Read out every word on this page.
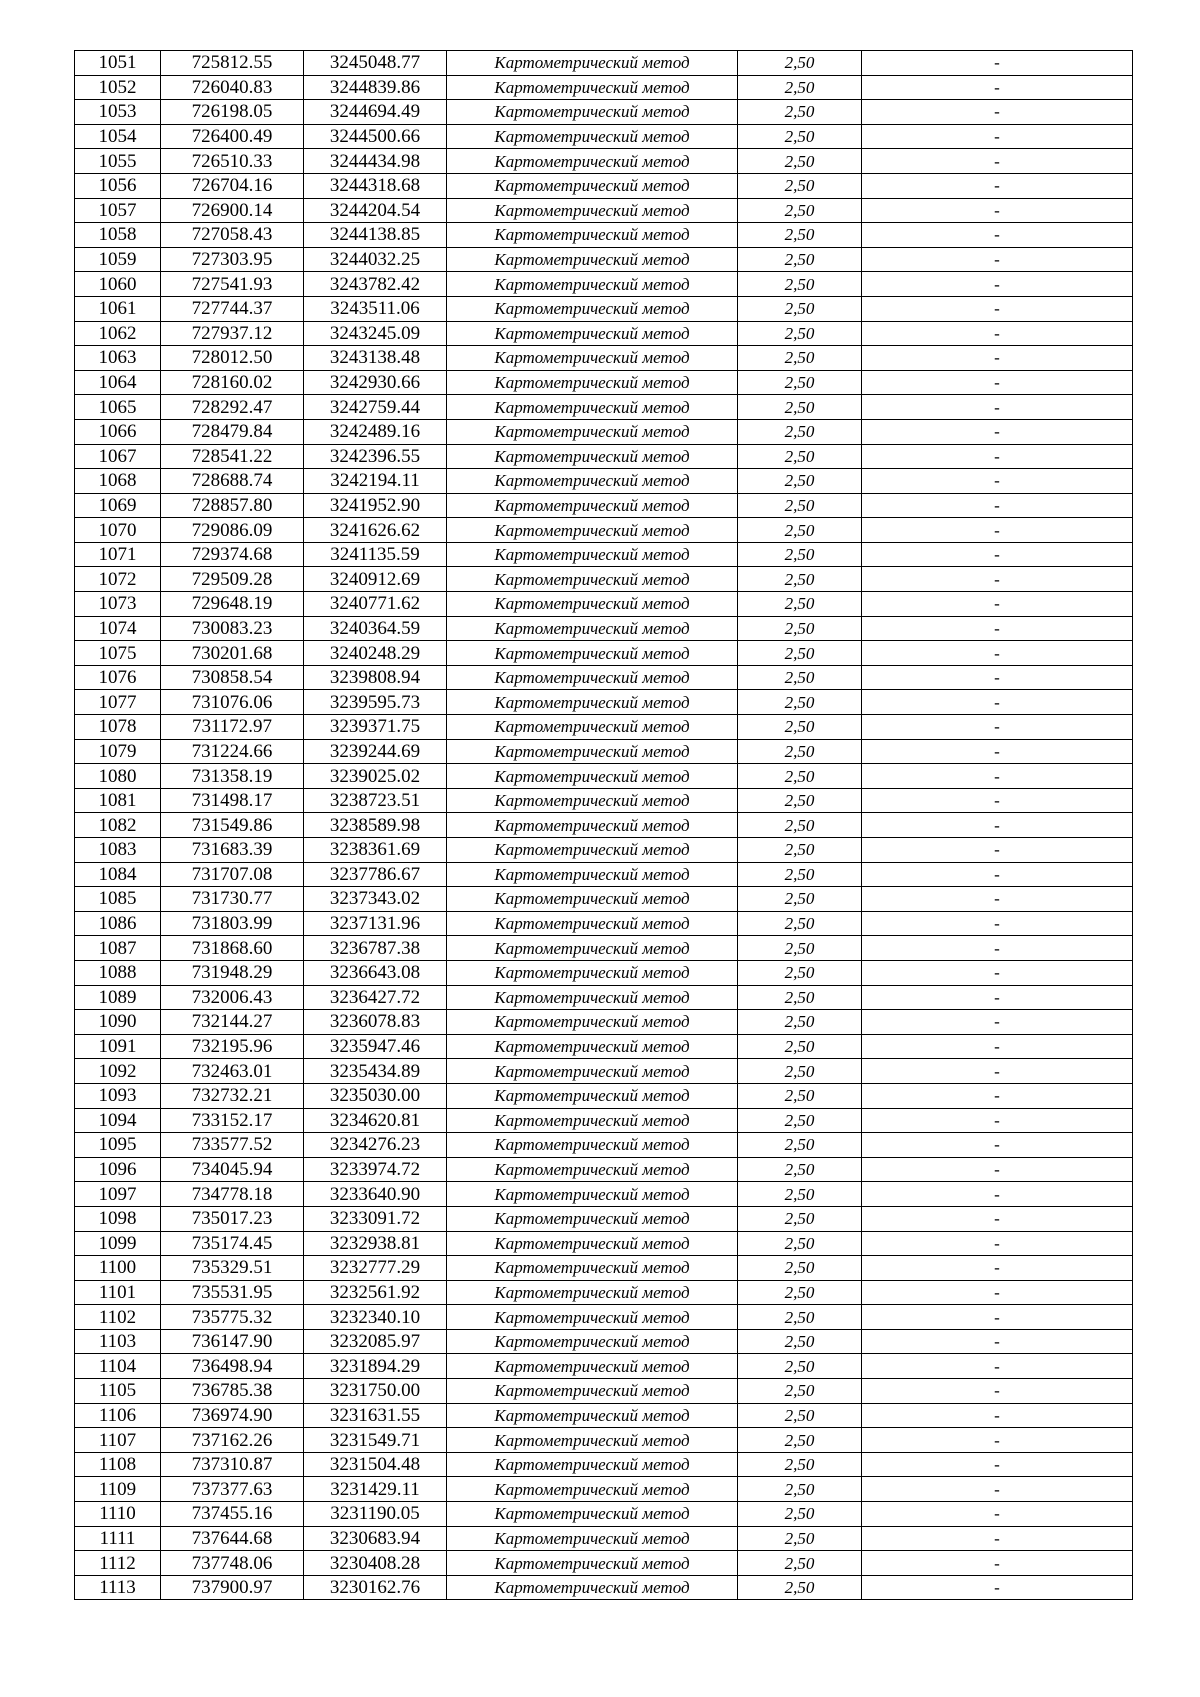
1051	725812.55	3245048.77	Картометрический метод	2,50	-
1052	726040.83	3244839.86	Картометрический метод	2,50	-
1053	726198.05	3244694.49	Картометрический метод	2,50	-
1054	726400.49	3244500.66	Картометрический метод	2,50	-
1055	726510.33	3244434.98	Картометрический метод	2,50	-
1056	726704.16	3244318.68	Картометрический метод	2,50	-
1057	726900.14	3244204.54	Картометрический метод	2,50	-
1058	727058.43	3244138.85	Картометрический метод	2,50	-
1059	727303.95	3244032.25	Картометрический метод	2,50	-
1060	727541.93	3243782.42	Картометрический метод	2,50	-
1061	727744.37	3243511.06	Картометрический метод	2,50	-
1062	727937.12	3243245.09	Картометрический метод	2,50	-
1063	728012.50	3243138.48	Картометрический метод	2,50	-
1064	728160.02	3242930.66	Картометрический метод	2,50	-
1065	728292.47	3242759.44	Картометрический метод	2,50	-
1066	728479.84	3242489.16	Картометрический метод	2,50	-
1067	728541.22	3242396.55	Картометрический метод	2,50	-
1068	728688.74	3242194.11	Картометрический метод	2,50	-
1069	728857.80	3241952.90	Картометрический метод	2,50	-
1070	729086.09	3241626.62	Картометрический метод	2,50	-
1071	729374.68	3241135.59	Картометрический метод	2,50	-
1072	729509.28	3240912.69	Картометрический метод	2,50	-
1073	729648.19	3240771.62	Картометрический метод	2,50	-
1074	730083.23	3240364.59	Картометрический метод	2,50	-
1075	730201.68	3240248.29	Картометрический метод	2,50	-
1076	730858.54	3239808.94	Картометрический метод	2,50	-
1077	731076.06	3239595.73	Картометрический метод	2,50	-
1078	731172.97	3239371.75	Картометрический метод	2,50	-
1079	731224.66	3239244.69	Картометрический метод	2,50	-
1080	731358.19	3239025.02	Картометрический метод	2,50	-
1081	731498.17	3238723.51	Картометрический метод	2,50	-
1082	731549.86	3238589.98	Картометрический метод	2,50	-
1083	731683.39	3238361.69	Картометрический метод	2,50	-
1084	731707.08	3237786.67	Картометрический метод	2,50	-
1085	731730.77	3237343.02	Картометрический метод	2,50	-
1086	731803.99	3237131.96	Картометрический метод	2,50	-
1087	731868.60	3236787.38	Картометрический метод	2,50	-
1088	731948.29	3236643.08	Картометрический метод	2,50	-
1089	732006.43	3236427.72	Картометрический метод	2,50	-
1090	732144.27	3236078.83	Картометрический метод	2,50	-
1091	732195.96	3235947.46	Картометрический метод	2,50	-
1092	732463.01	3235434.89	Картометрический метод	2,50	-
1093	732732.21	3235030.00	Картометрический метод	2,50	-
1094	733152.17	3234620.81	Картометрический метод	2,50	-
1095	733577.52	3234276.23	Картометрический метод	2,50	-
1096	734045.94	3233974.72	Картометрический метод	2,50	-
1097	734778.18	3233640.90	Картометрический метод	2,50	-
1098	735017.23	3233091.72	Картометрический метод	2,50	-
1099	735174.45	3232938.81	Картометрический метод	2,50	-
1100	735329.51	3232777.29	Картометрический метод	2,50	-
1101	735531.95	3232561.92	Картометрический метод	2,50	-
1102	735775.32	3232340.10	Картометрический метод	2,50	-
1103	736147.90	3232085.97	Картометрический метод	2,50	-
1104	736498.94	3231894.29	Картометрический метод	2,50	-
1105	736785.38	3231750.00	Картометрический метод	2,50	-
1106	736974.90	3231631.55	Картометрический метод	2,50	-
1107	737162.26	3231549.71	Картометрический метод	2,50	-
1108	737310.87	3231504.48	Картометрический метод	2,50	-
1109	737377.63	3231429.11	Картометрический метод	2,50	-
1110	737455.16	3231190.05	Картометрический метод	2,50	-
1111	737644.68	3230683.94	Картометрический метод	2,50	-
1112	737748.06	3230408.28	Картометрический метод	2,50	-
1113	737900.97	3230162.76	Картометрический метод	2,50	-
